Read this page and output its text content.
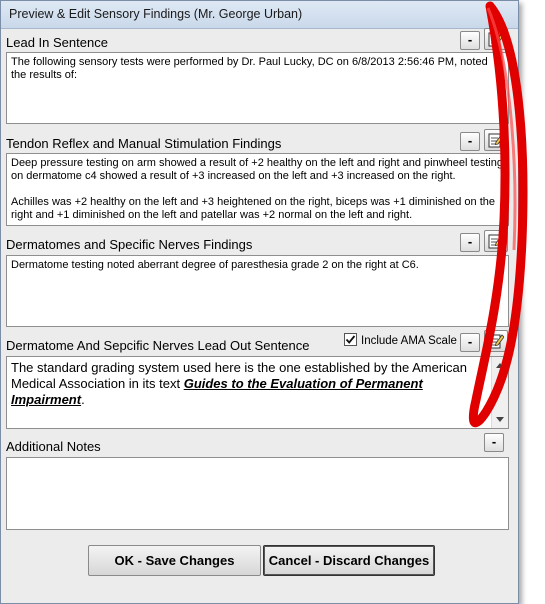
Preview & Edit Sensory Findings (Mr. George Urban)
Lead In Sentence	-

The following sensory tests were performed by Dr. Paul Lucky, DC on 6/8/2013 2:56:46 PM, noted the results of:

Tendon Reflex and Manual Stimulation Findings	-

Deep pressure testing on arm showed a result of +2 healthy on the left and right and pinwheel testing on dermatome c4 showed a result of +3 increased on the left and +3 increased on the right.

Achilles was +2 healthy on the left and +3 heightened on the right, biceps was +1 diminished on the right and +1 diminished on the left and patellar was +2 normal on the left and right.

Dermatomes and Specific Nerves Findings	-

Dermatome testing noted aberrant degree of paresthesia grade 2 on the right at C6.

Dermatome And Sepcific Nerves Lead Out Sentence	Include AMA Scale -

The standard grading system used here is the one established by the American Medical Association in its text Guides to the Evaluation of Permanent Impairment.

Additional Notes	-

OK - Save Changes	Cancel - Discard Changes
